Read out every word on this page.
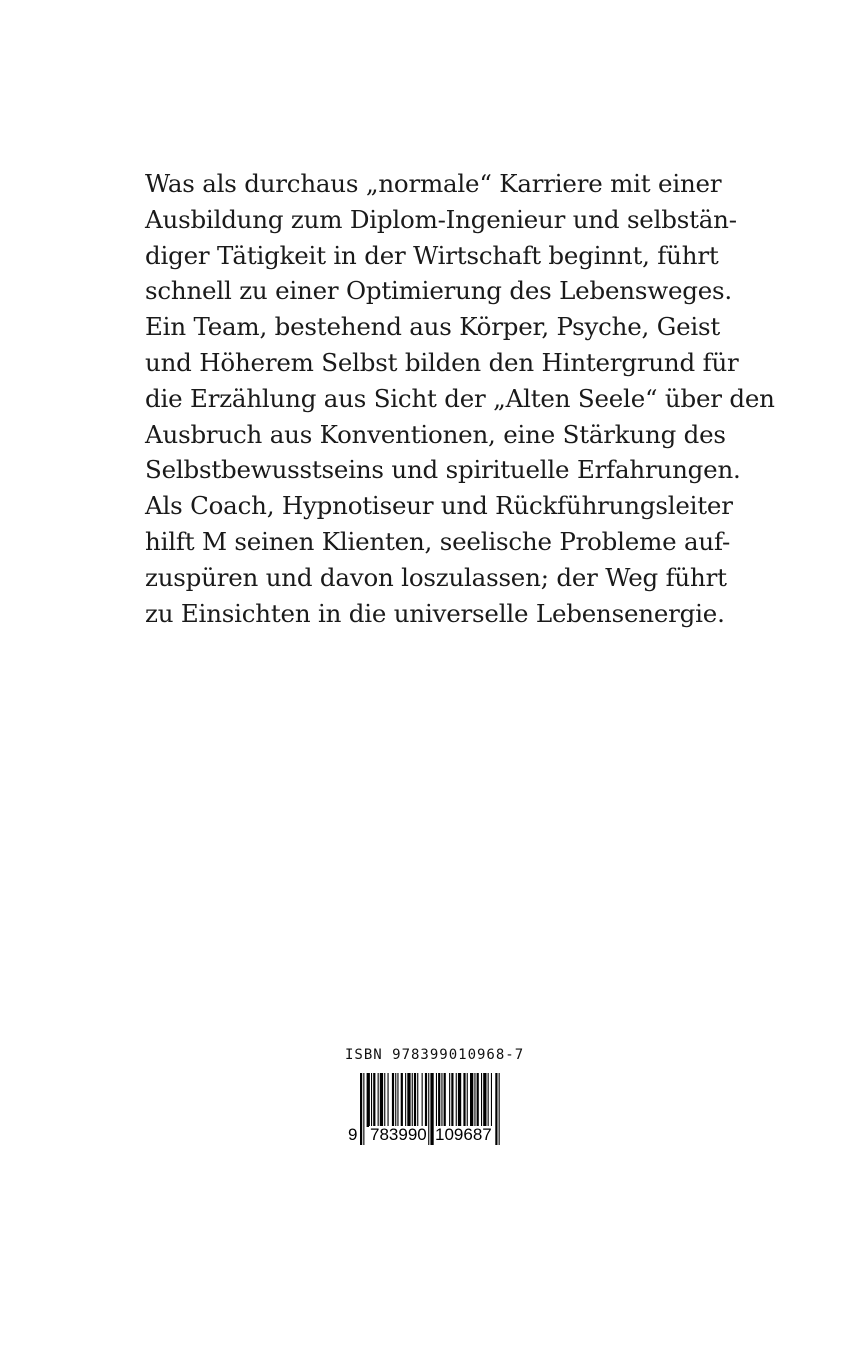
Was als durchaus „normale“ Karriere mit einer
Ausbildung zum Diplom-Ingenieur und selbstän-
diger Tätigkeit in der Wirtschaft beginnt, führt
schnell zu einer Optimierung des Lebensweges.
Ein Team, bestehend aus Körper, Psyche, Geist
und Höherem Selbst bilden den Hintergrund für
die Erzählung aus Sicht der „Alten Seele“ über den
Ausbruch aus Konventionen, eine Stärkung des
Selbstbewusstseins und spirituelle Erfahrungen.
Als Coach, Hypnotiseur und Rückführungsleiter
hilft M seinen Klienten, seelische Probleme auf-
zuspüren und davon loszulassen; der Weg führt
zu Einsichten in die universelle Lebensenergie.
ISBN 978399010968-7
9 783990 109687
